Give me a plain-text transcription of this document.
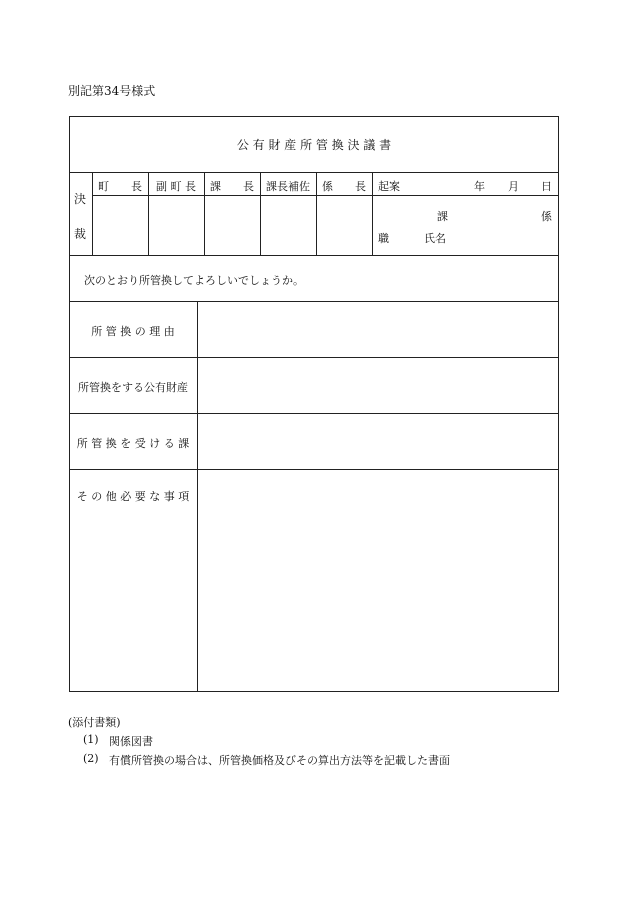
別記第34号様式
公 有 財 産 所 管 換 決 議 書
決
裁
町　　長	副 町 長	課　　長	課長補佐	係　　長	起案	年 月 日
課	係
職	氏名
次のとおり所管換してよろしいでしょうか。
所 管 換 の 理 由
所管換をする公有財産
所 管 換 を 受 け る 課
そ の 他 必 要 な 事 項
(添付書類)
(1) 関係図書
(2) 有償所管換の場合は、所管換価格及びその算出方法等を記載した書面
